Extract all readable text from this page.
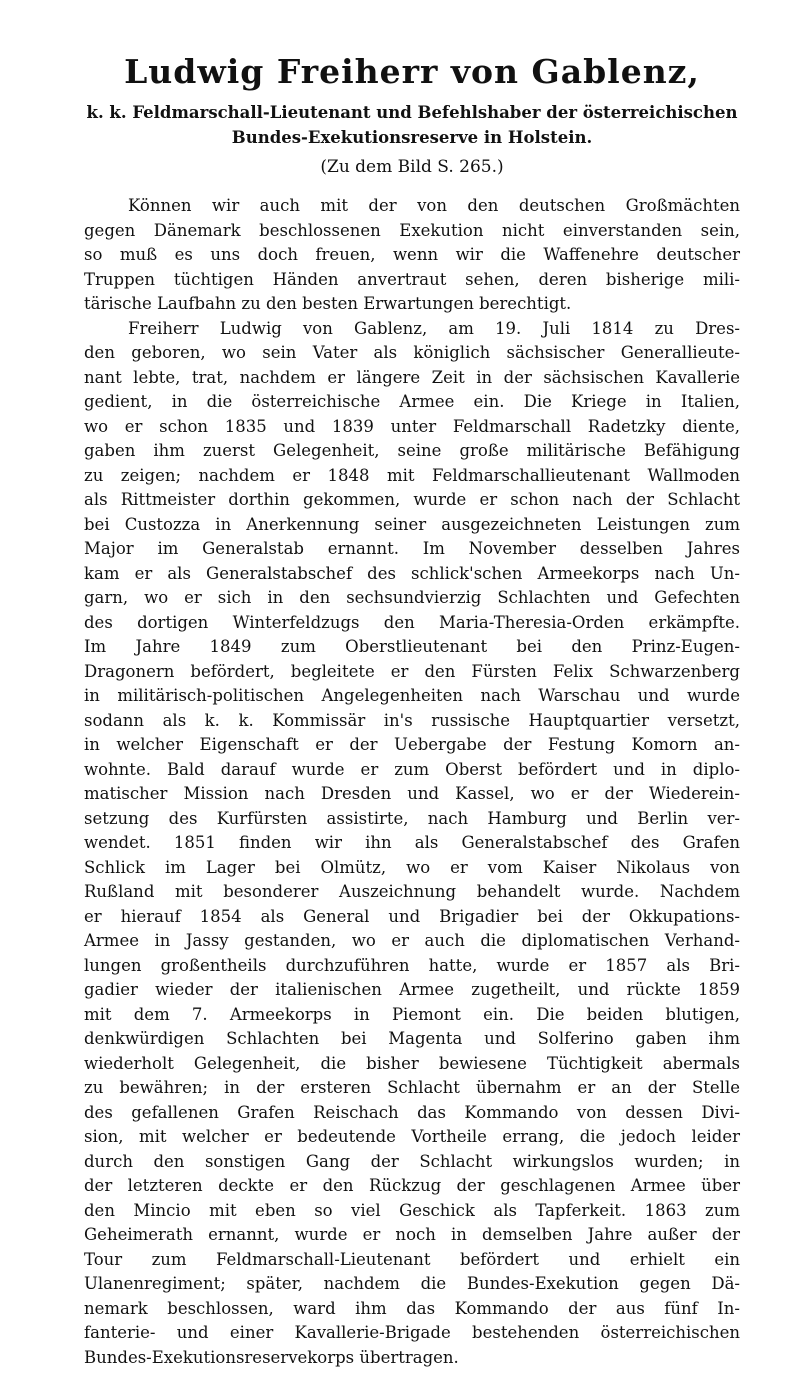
Ludwig Freiherr von Gablenz,
k. k. Feldmarschall-Lieutenant und Befehlshaber der österreichischen
Bundes-Exekutionsreserve in Holstein.
(Zu dem Bild S. 265.)

Können wir auch mit der von den deutschen Großmächten
gegen Dänemark beschlossenen Exekution nicht einverstanden sein,
so muß es uns doch freuen, wenn wir die Waffenehre deutscher
Truppen tüchtigen Händen anvertraut sehen, deren bisherige mili-
tärische Laufbahn zu den besten Erwartungen berechtigt.

Freiherr Ludwig von Gablenz, am 19. Juli 1814 zu Dres-
den geboren, wo sein Vater als königlich sächsischer Generallieute-
nant lebte, trat, nachdem er längere Zeit in der sächsischen Kavallerie
gedient, in die österreichische Armee ein. Die Kriege in Italien,
wo er schon 1835 und 1839 unter Feldmarschall Radetzky diente,
gaben ihm zuerst Gelegenheit, seine große militärische Befähigung
zu zeigen; nachdem er 1848 mit Feldmarschallieutenant Wallmoden
als Rittmeister dorthin gekommen, wurde er schon nach der Schlacht
bei Custozza in Anerkennung seiner ausgezeichneten Leistungen zum
Major im Generalstab ernannt. Im November desselben Jahres
kam er als Generalstabschef des schlick'schen Armeekorps nach Un-
garn, wo er sich in den sechsundvierzig Schlachten und Gefechten
des dortigen Winterfeldzugs den Maria-Theresia-Orden erkämpfte.
Im Jahre 1849 zum Oberstlieutenant bei den Prinz-Eugen-
Dragonern befördert, begleitete er den Fürsten Felix Schwarzenberg
in militärisch-politischen Angelegenheiten nach Warschau und wurde
sodann als k. k. Kommissär in's russische Hauptquartier versetzt,
in welcher Eigenschaft er der Uebergabe der Festung Komorn an-
wohnte. Bald darauf wurde er zum Oberst befördert und in diplo-
matischer Mission nach Dresden und Kassel, wo er der Wiederein-
setzung des Kurfürsten assistirte, nach Hamburg und Berlin ver-
wendet. 1851 finden wir ihn als Generalstabschef des Grafen
Schlick im Lager bei Olmütz, wo er vom Kaiser Nikolaus von
Rußland mit besonderer Auszeichnung behandelt wurde. Nachdem
er hierauf 1854 als General und Brigadier bei der Okkupations-
Armee in Jassy gestanden, wo er auch die diplomatischen Verhand-
lungen großentheils durchzuführen hatte, wurde er 1857 als Bri-
gadier wieder der italienischen Armee zugetheilt, und rückte 1859
mit dem 7. Armeekorps in Piemont ein. Die beiden blutigen,
denkwürdigen Schlachten bei Magenta und Solferino gaben ihm
wiederholt Gelegenheit, die bisher bewiesene Tüchtigkeit abermals
zu bewähren; in der ersteren Schlacht übernahm er an der Stelle
des gefallenen Grafen Reischach das Kommando von dessen Divi-
sion, mit welcher er bedeutende Vortheile errang, die jedoch leider
durch den sonstigen Gang der Schlacht wirkungslos wurden; in
der letzteren deckte er den Rückzug der geschlagenen Armee über
den Mincio mit eben so viel Geschick als Tapferkeit. 1863 zum
Geheimerath ernannt, wurde er noch in demselben Jahre außer der
Tour zum Feldmarschall-Lieutenant befördert und erhielt ein
Ulanenregiment; später, nachdem die Bundes-Exekution gegen Dä-
nemark beschlossen, ward ihm das Kommando der aus fünf In-
fanterie- und einer Kavallerie-Brigade bestehenden österreichischen
Bundes-Exekutionsreservekorps übertragen.
